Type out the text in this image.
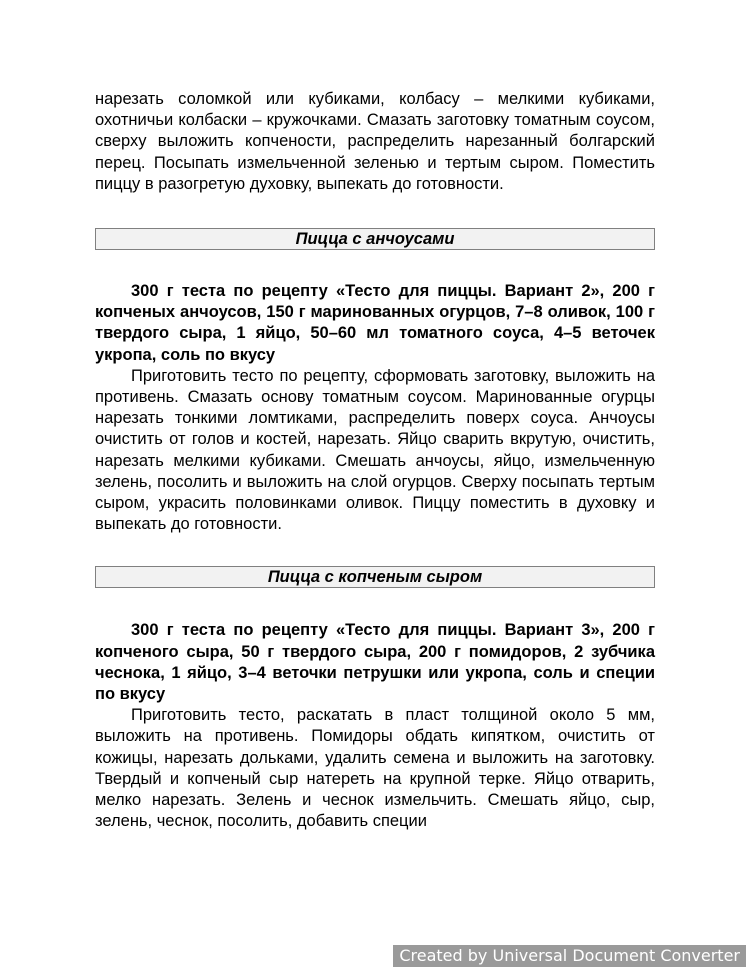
нарезать соломкой или кубиками, колбасу – мелкими кубиками, охотничьи колбаски – кружочками. Смазать заготовку томатным соусом, сверху выложить копчености, распределить нарезанный болгарский перец. Посыпать измельченной зеленью и тертым сыром. Поместить пиццу в разогретую духовку, выпекать до готовности.

Пицца с анчоусами

300 г теста по рецепту «Тесто для пиццы. Вариант 2», 200 г копченых анчоусов, 150 г маринованных огурцов, 7–8 оливок, 100 г твердого сыра, 1 яйцо, 50–60 мл томатного соуса, 4–5 веточек укропа, соль по вкусу

Приготовить тесто по рецепту, сформовать заготовку, выложить на противень. Смазать основу томатным соусом. Маринованные огурцы нарезать тонкими ломтиками, распределить поверх соуса. Анчоусы очистить от голов и костей, нарезать. Яйцо сварить вкрутую, очистить, нарезать мелкими кубиками. Смешать анчоусы, яйцо, измельченную зелень, посолить и выложить на слой огурцов. Сверху посыпать тертым сыром, украсить половинками оливок. Пиццу поместить в духовку и выпекать до готовности.

Пицца с копченым сыром

300 г теста по рецепту «Тесто для пиццы. Вариант 3», 200 г копченого сыра, 50 г твердого сыра, 200 г помидоров, 2 зубчика чеснока, 1 яйцо, 3–4 веточки петрушки или укропа, соль и специи по вкусу

Приготовить тесто, раскатать в пласт толщиной около 5 мм, выложить на противень. Помидоры обдать кипятком, очистить от кожицы, нарезать дольками, удалить семена и выложить на заготовку. Твердый и копченый сыр натереть на крупной терке. Яйцо отварить, мелко нарезать. Зелень и чеснок измельчить. Смешать яйцо, сыр, зелень, чеснок, посолить, добавить специи

Created by Universal Document Converter
